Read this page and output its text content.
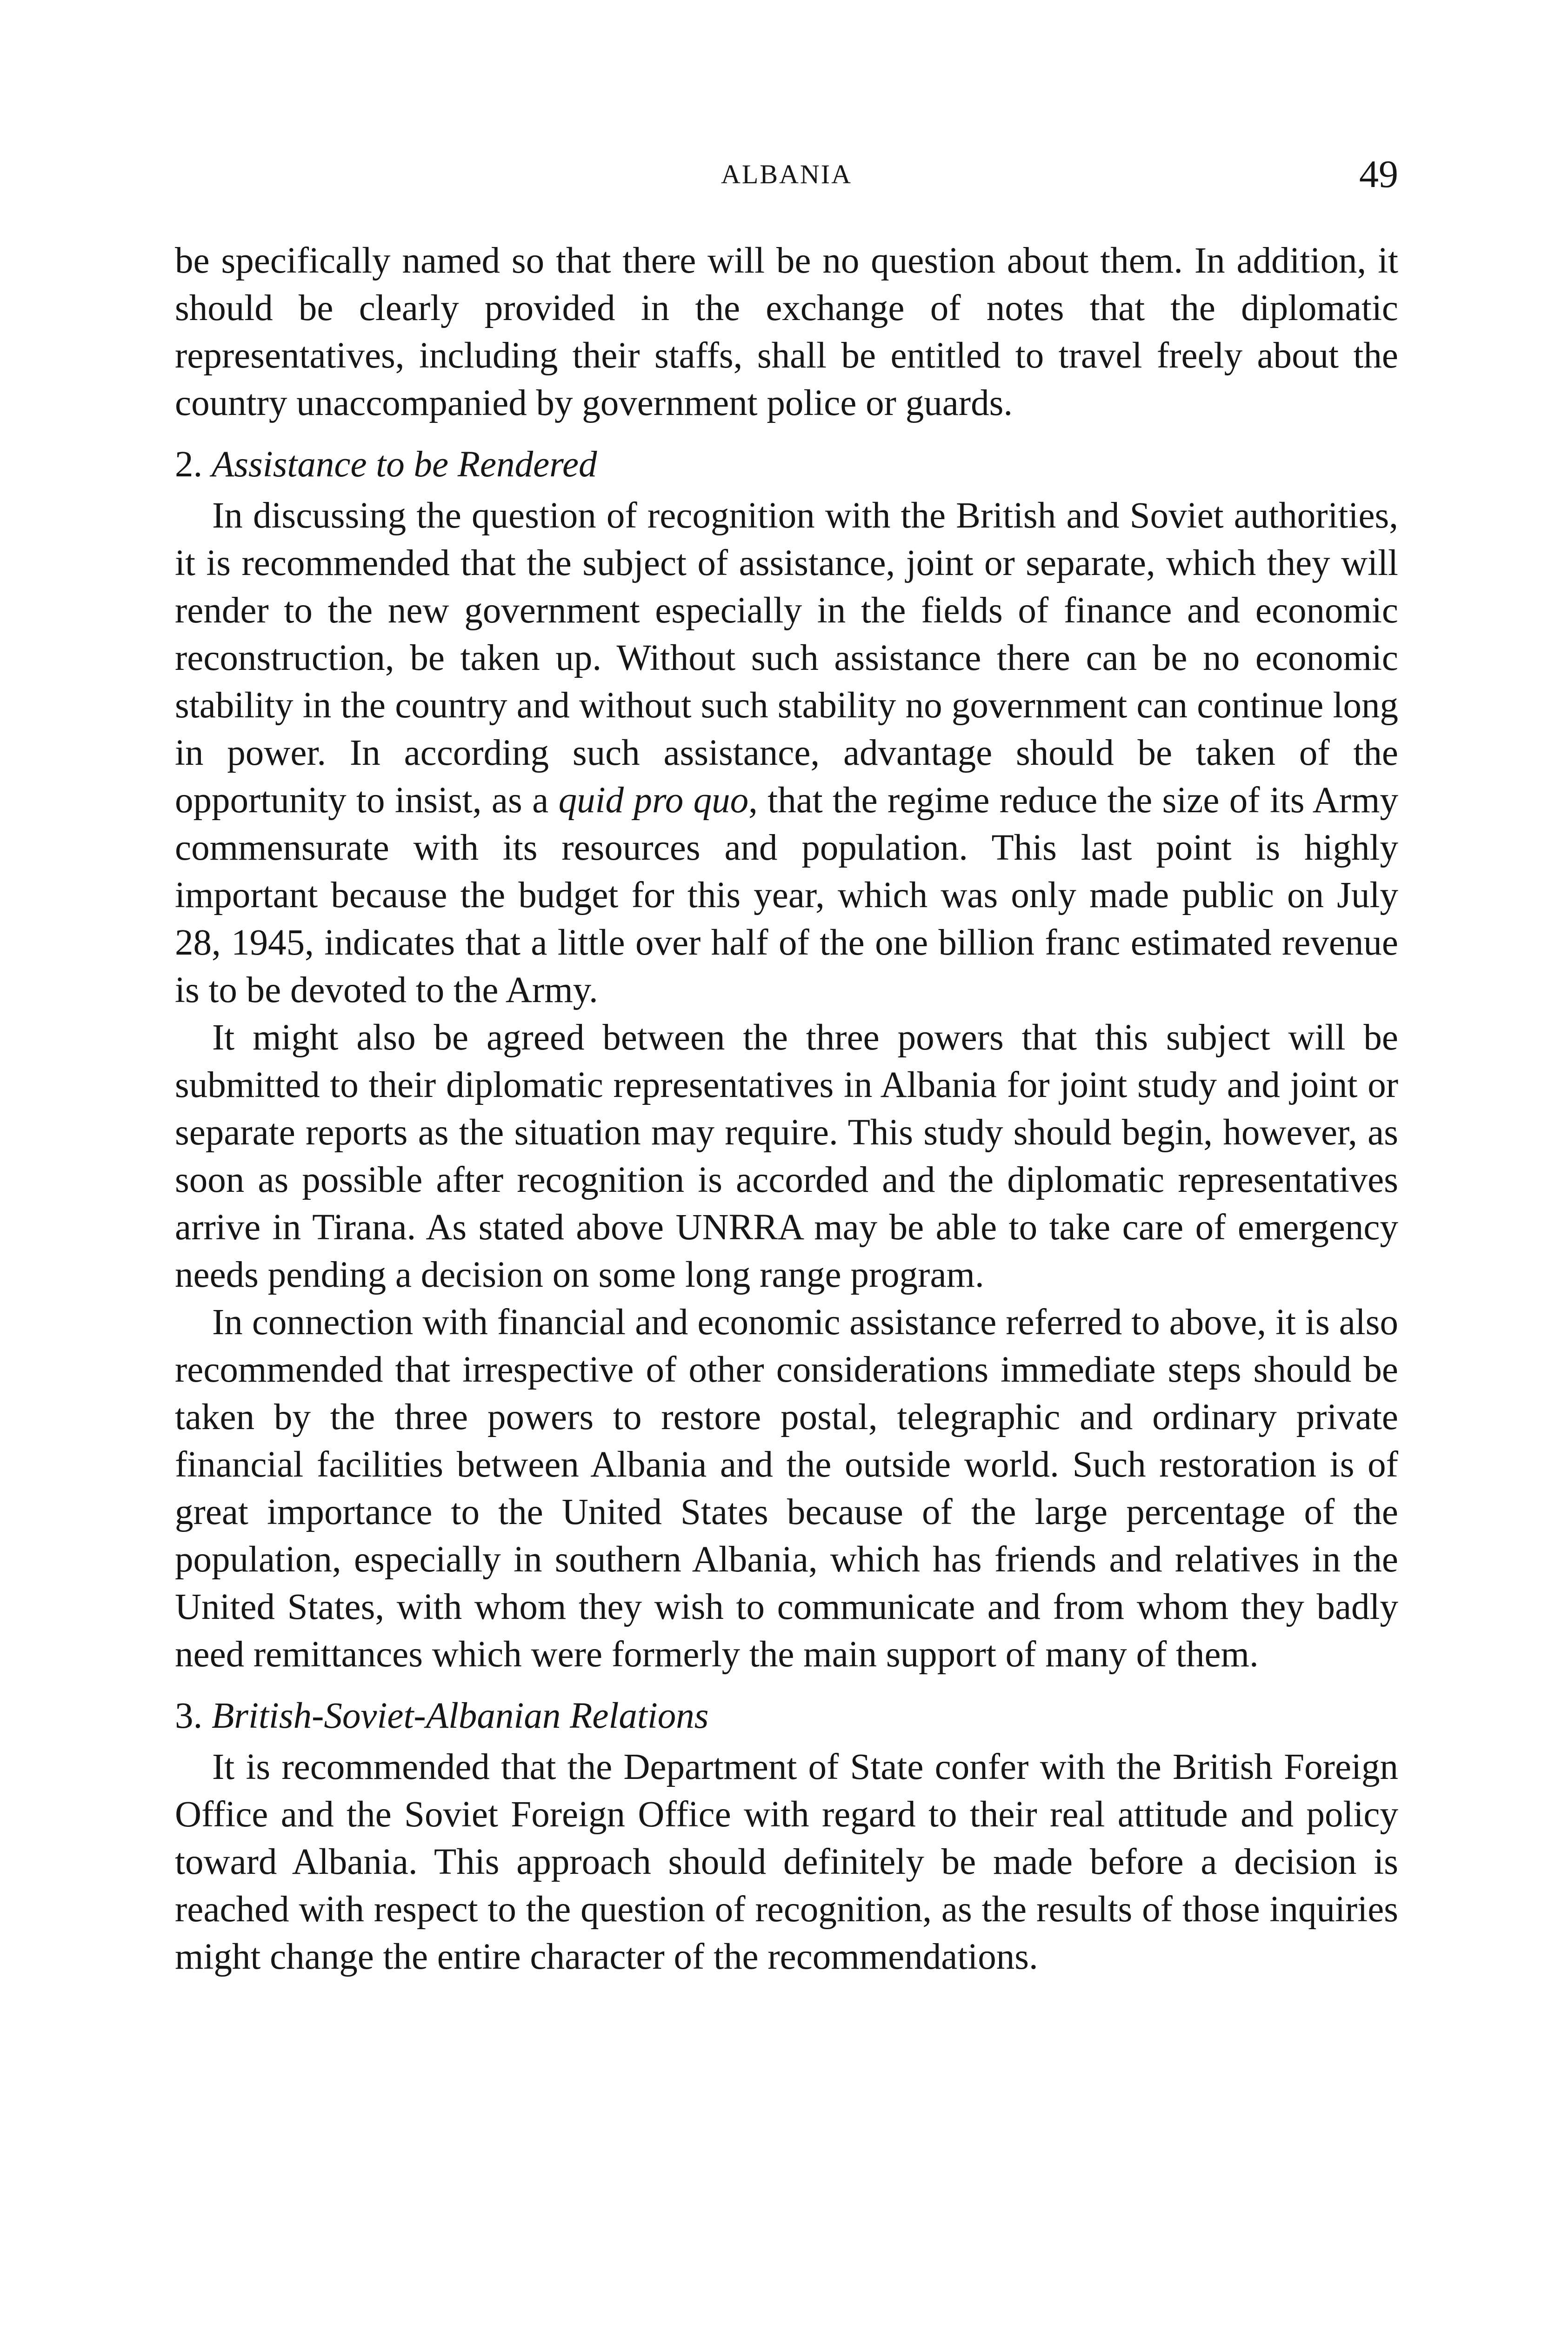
ALBANIA	49

be specifically named so that there will be no question about them. In addition, it should be clearly provided in the exchange of notes that the diplomatic representatives, including their staffs, shall be entitled to travel freely about the country unaccompanied by government police or guards.

2. Assistance to be Rendered

In discussing the question of recognition with the British and Soviet authorities, it is recommended that the subject of assistance, joint or separate, which they will render to the new government especially in the fields of finance and economic reconstruction, be taken up. Without such assistance there can be no economic stability in the country and without such stability no government can continue long in power. In according such assistance, advantage should be taken of the opportunity to insist, as a quid pro quo, that the regime reduce the size of its Army commensurate with its resources and population. This last point is highly important because the budget for this year, which was only made public on July 28, 1945, indicates that a little over half of the one billion franc estimated revenue is to be devoted to the Army.

It might also be agreed between the three powers that this subject will be submitted to their diplomatic representatives in Albania for joint study and joint or separate reports as the situation may require. This study should begin, however, as soon as possible after recognition is accorded and the diplomatic representatives arrive in Tirana. As stated above UNRRA may be able to take care of emergency needs pending a decision on some long range program.

In connection with financial and economic assistance referred to above, it is also recommended that irrespective of other considerations immediate steps should be taken by the three powers to restore postal, telegraphic and ordinary private financial facilities between Albania and the outside world. Such restoration is of great importance to the United States because of the large percentage of the population, especially in southern Albania, which has friends and relatives in the United States, with whom they wish to communicate and from whom they badly need remittances which were formerly the main support of many of them.

3. British-Soviet-Albanian Relations

It is recommended that the Department of State confer with the British Foreign Office and the Soviet Foreign Office with regard to their real attitude and policy toward Albania. This approach should definitely be made before a decision is reached with respect to the question of recognition, as the results of those inquiries might change the entire character of the recommendations.
